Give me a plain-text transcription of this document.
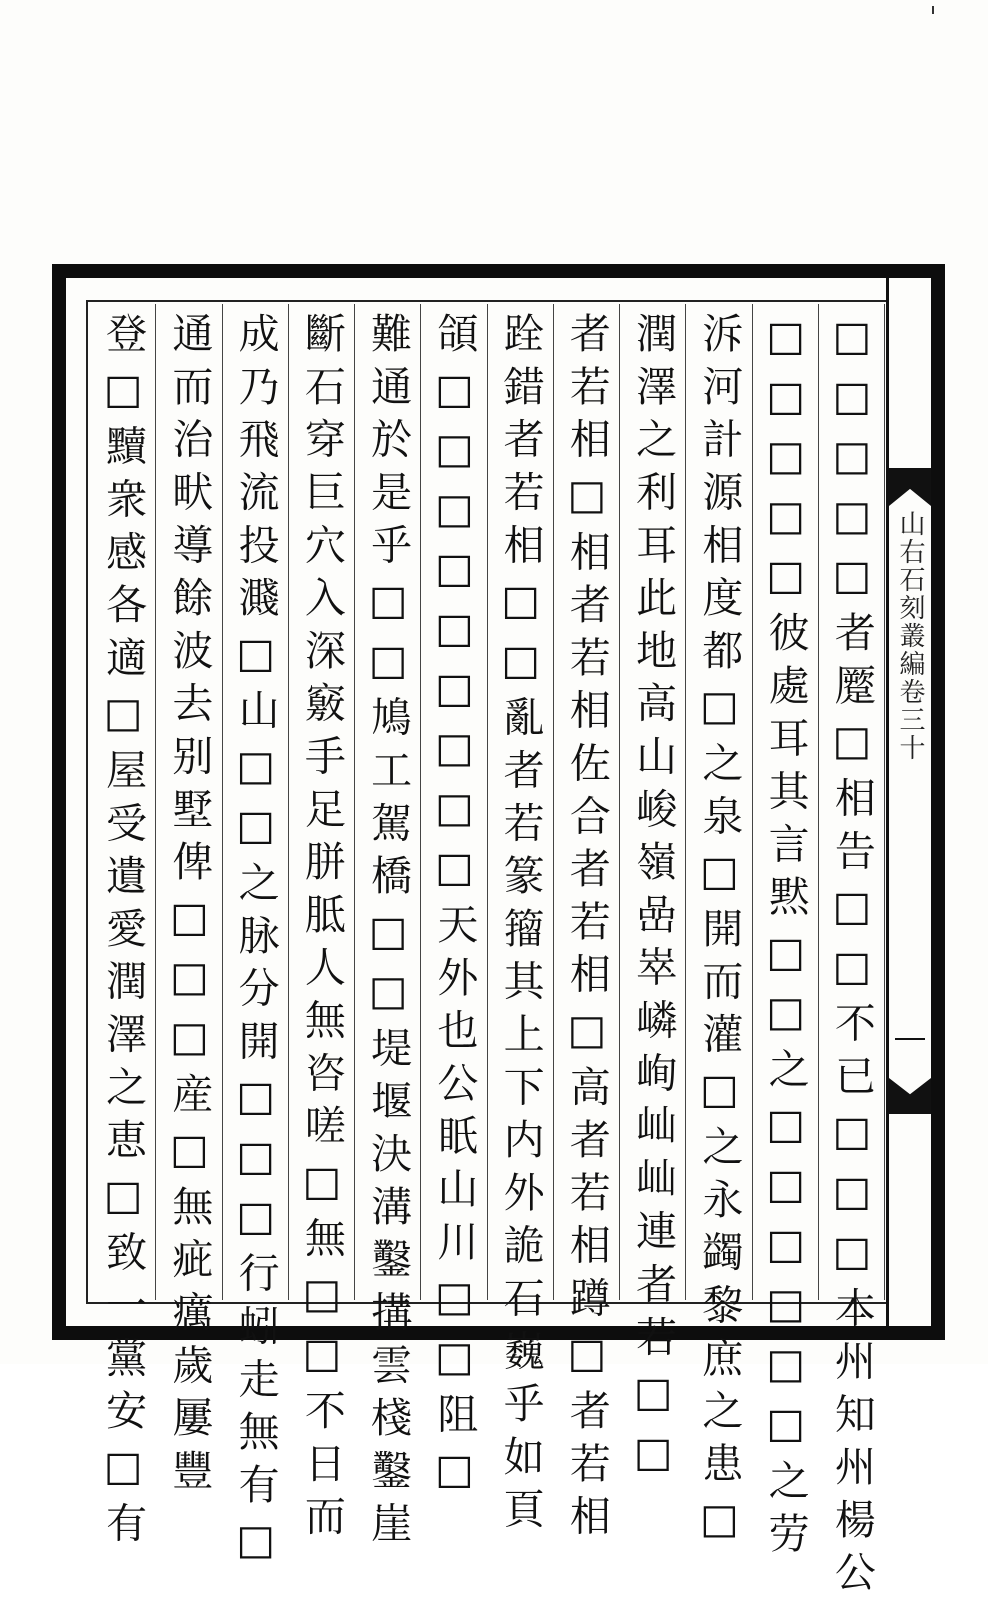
山右石刻叢編卷三十
□□□□□者蹷□相告□□不已□□□本州知州楊公
□□□□□彼處耳其言黙□□之□□□□□□之劳
泝河計源相度都□之泉□開而灌□之永蠲黎庶之患□
潤澤之利耳此地高山峻嶺嵒崒嶙峋屾屾連者若□□
者若相□相者若相佐合者若相□高者若相蹲□者若相
跧錯者若相□□亂者若篆籀其上下内外詭石巍乎如頁
頜□□□□□□□□□天外也公眂山川□□阻□
難通於是乎□□鳩工駕橋□□堤堰決溝鑿搆雲棧鑿崖
斷石穿巨穴入深竅手足胼胝人無咨嗟□無□□不日而
成乃飛流投濺□山□□之脉分開□□□行蚓走無有□
通而治畎導餘波去别墅俾□□□産□無疵癘歲屢豐
登□黷衆感各適□屋受遺愛潤澤之恵□致一黨安□有
